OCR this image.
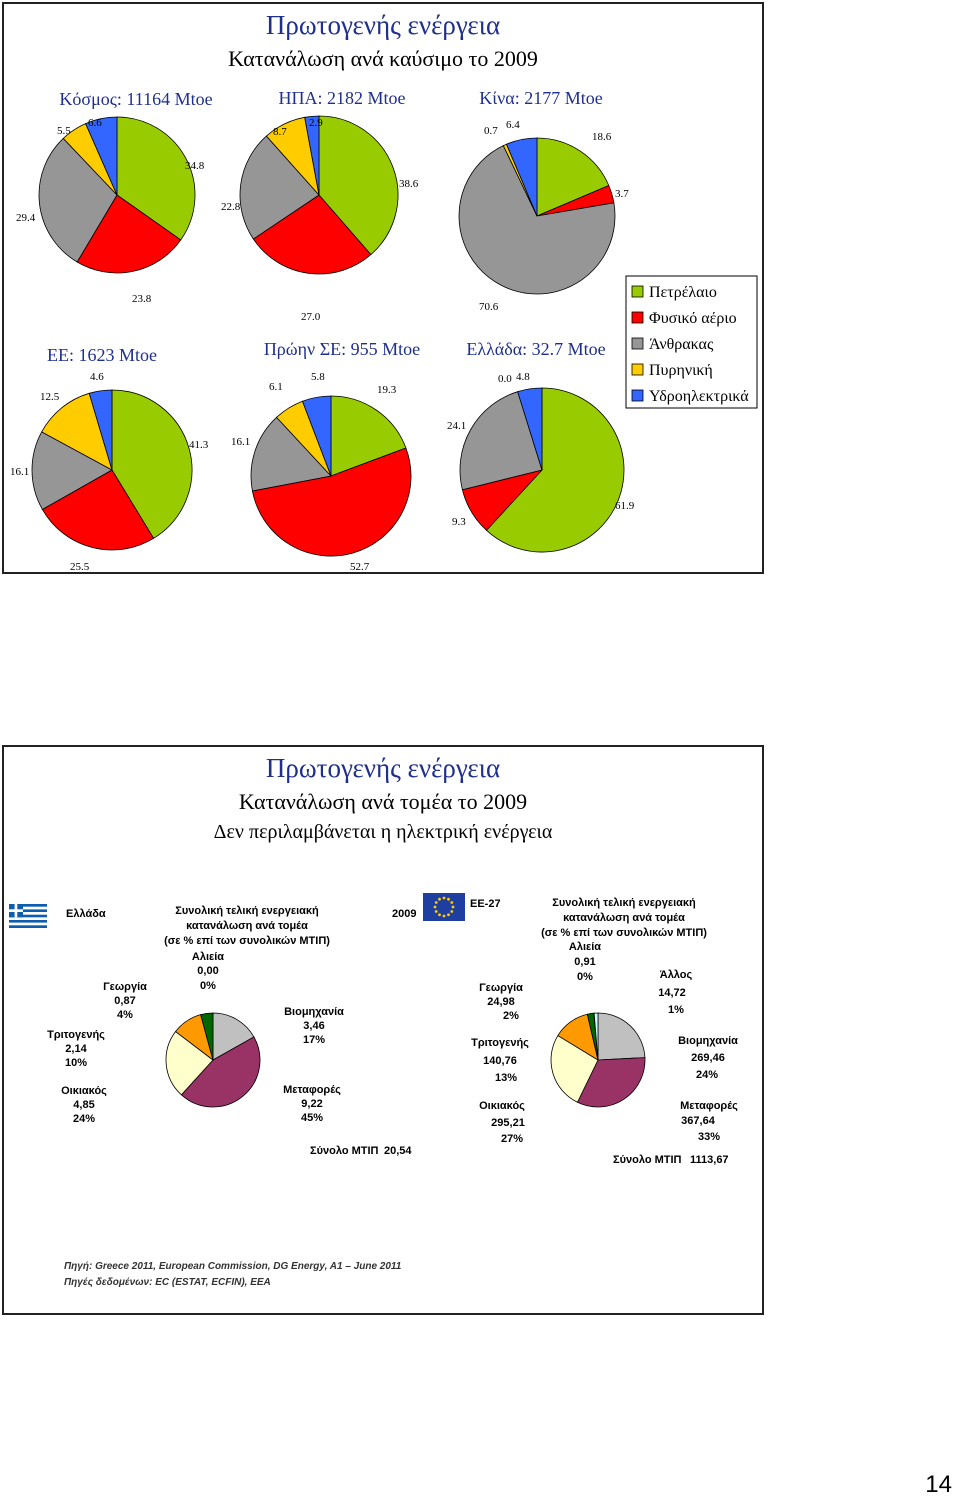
Πρωτογενής ενέργεια
Κατανάλωση ανά καύσιμο το 2009
Κόσμος: 11164 Mtoe	ΗΠΑ: 2182 Mtoe	Κίνα: 2177 Mtoe
ΕΕ: 1623 Mtoe	Πρώην ΣΕ: 955 Mtoe	Ελλάδα: 32.7 Mtoe
34.8
23.8
29.4
5.5
6.6
38.6
27.0
22.8
8.7
2.9
18.6
3.7
70.6
0.7 6.4
41.3
25.5
16.1
12.5
4.6
19.3
52.7
16.1
6.1
5.8
61.9
9.3
24.1
0.0 4.8
Πετρέλαιο
Φυσικό αέριο
Άνθρακας
Πυρηνική
Υδροηλεκτρικά
Πρωτογενής ενέργεια
Κατανάλωση ανά τομέα το 2009
Δεν περιλαμβάνεται η ηλεκτρική ενέργεια
Ελλάδα	Συνολική τελική ενεργειακή
κατανάλωση ανά τομέα
(σε % επί των συνολικών ΜΤΙΠ)
Αλιεία
0,00
0%
Γεωργία
0,87
4%
Τριτογενής
2,14
10%
Οικιακός
4,85
24%
Βιομηχανία
3,46
17%
Μεταφορές
9,22
45%
Σύνολο ΜΤΙΠ 20,54
2009
ΕΕ-27	Συνολική τελική ενεργειακή
κατανάλωση ανά τομέα
(σε % επί των συνολικών ΜΤΙΠ)
Αλιεία
0,91
0%	Άλλος
14,72
1%
Γεωργία
24,98
2%
Τριτογενής
140,76
13%
Οικιακός
295,21
27%
Βιομηχανία
269,46
24%
Μεταφορές
367,64
33%
Σύνολο ΜΤΙΠ 1113,67
Πηγή: Greece 2011, European Commission, DG Energy, A1 – June 2011
Πηγές δεδομένων: EC (ESTAT, ECFIN), EEA
14
